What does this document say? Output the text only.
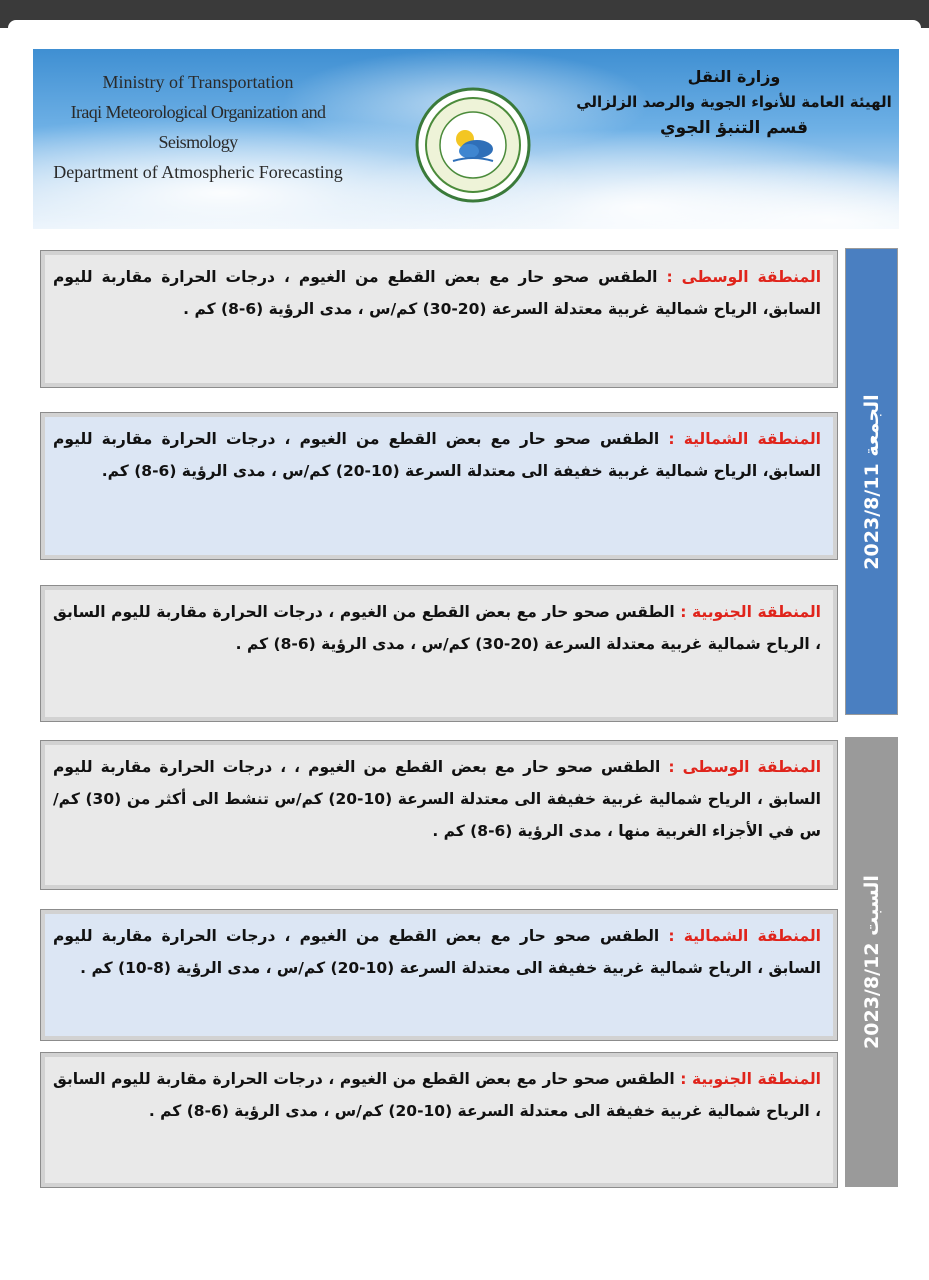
Ministry of Transportation
Iraqi Meteorological Organization and Seismology
Department of Atmospheric Forecasting
وزارة النقل
الهيئة العامة للأنواء الجوية والرصد الزلزالي
قسم التنبؤ الجوي
المنطقة الوسطى : الطقس صحو حار مع بعض القطع من الغيوم ، درجات الحرارة مقاربة لليوم السابق، الرياح شمالية غربية معتدلة السرعة (20-30) كم/س ، مدى الرؤية (6-8) كم .
المنطقة الشمالية : الطقس صحو حار مع بعض القطع من الغيوم ، درجات الحرارة مقاربة لليوم السابق، الرياح شمالية غربية خفيفة الى معتدلة السرعة (10-20) كم/س ، مدى الرؤية (6-8) كم.
المنطقة الجنوبية : الطقس صحو حار مع بعض القطع من الغيوم ، درجات الحرارة مقاربة لليوم السابق ، الرياح شمالية غربية معتدلة السرعة (20-30) كم/س ، مدى الرؤية (6-8) كم .
الجمعة 2023/8/11
المنطقة الوسطى : الطقس صحو حار مع بعض القطع من الغيوم ، ، درجات الحرارة مقاربة لليوم السابق ، الرياح شمالية غربية خفيفة الى معتدلة السرعة (10-20) كم/س تنشط الى أكثر من (30) كم/س في الأجزاء الغربية منها ، مدى الرؤية (6-8) كم .
المنطقة الشمالية : الطقس صحو حار مع بعض القطع من الغيوم ، درجات الحرارة مقاربة لليوم السابق ، الرياح شمالية غربية خفيفة الى معتدلة السرعة (10-20) كم/س ، مدى الرؤية (8-10) كم .
المنطقة الجنوبية : الطقس صحو حار مع بعض القطع من الغيوم ، درجات الحرارة مقاربة لليوم السابق ، الرياح شمالية غربية خفيفة الى معتدلة السرعة (10-20) كم/س ، مدى الرؤية (6-8) كم .
السبت 2023/8/12
